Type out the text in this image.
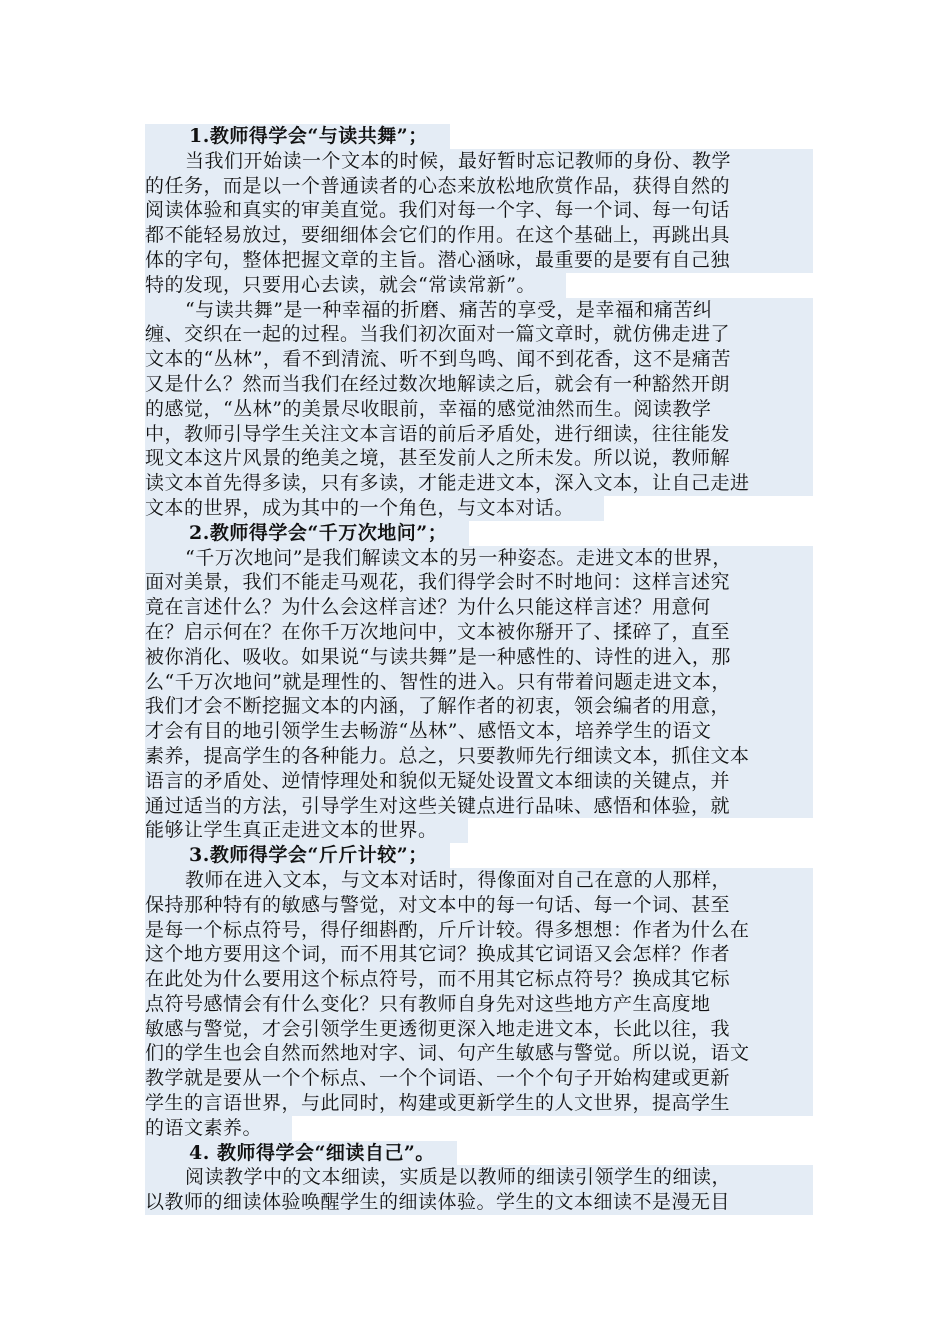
1.教师得学会“与读共舞”；
当我们开始读一个文本的时候，最好暂时忘记教师的身份、教学
的任务，而是以一个普通读者的心态来放松地欣赏作品，获得自然的
阅读体验和真实的审美直觉。我们对每一个字、每一个词、每一句话
都不能轻易放过，要细细体会它们的作用。在这个基础上，再跳出具
体的字句，整体把握文章的主旨。潜心涵咏，最重要的是要有自己独
特的发现，只要用心去读，就会“常读常新”。
“与读共舞”是一种幸福的折磨、痛苦的享受，是幸福和痛苦纠
缠、交织在一起的过程。当我们初次面对一篇文章时，就仿佛走进了
文本的“丛林”，看不到清流、听不到鸟鸣、闻不到花香，这不是痛苦
又是什么？然而当我们在经过数次地解读之后，就会有一种豁然开朗
的感觉，“丛林”的美景尽收眼前，幸福的感觉油然而生。阅读教学
中，教师引导学生关注文本言语的前后矛盾处，进行细读，往往能发
现文本这片风景的绝美之境，甚至发前人之所未发。所以说，教师解
读文本首先得多读，只有多读，才能走进文本，深入文本，让自己走进
文本的世界，成为其中的一个角色，与文本对话。
2.教师得学会“千万次地问”；
“千万次地问”是我们解读文本的另一种姿态。走进文本的世界，
面对美景，我们不能走马观花，我们得学会时不时地问：这样言述究
竟在言述什么？为什么会这样言述？为什么只能这样言述？用意何
在？启示何在？在你千万次地问中，文本被你掰开了、揉碎了，直至
被你消化、吸收。如果说“与读共舞”是一种感性的、诗性的进入，那
么“千万次地问”就是理性的、智性的进入。只有带着问题走进文本，
我们才会不断挖掘文本的内涵，了解作者的初衷，领会编者的用意，
才会有目的地引领学生去畅游“丛林”、感悟文本，培养学生的语文
素养，提高学生的各种能力。总之，只要教师先行细读文本，抓住文本
语言的矛盾处、逆情悖理处和貌似无疑处设置文本细读的关键点，并
通过适当的方法，引导学生对这些关键点进行品味、感悟和体验，就
能够让学生真正走进文本的世界。
3.教师得学会“斤斤计较”；
教师在进入文本，与文本对话时，得像面对自己在意的人那样，
保持那种特有的敏感与警觉，对文本中的每一句话、每一个词、甚至
是每一个标点符号，得仔细斟酌，斤斤计较。得多想想：作者为什么在
这个地方要用这个词，而不用其它词？换成其它词语又会怎样？作者
在此处为什么要用这个标点符号，而不用其它标点符号？换成其它标
点符号感情会有什么变化？只有教师自身先对这些地方产生高度地
敏感与警觉，才会引领学生更透彻更深入地走进文本，长此以往，我
们的学生也会自然而然地对字、词、句产生敏感与警觉。所以说，语文
教学就是要从一个个标点、一个个词语、一个个句子开始构建或更新
学生的言语世界，与此同时，构建或更新学生的人文世界，提高学生
的语文素养。
4. 教师得学会“细读自己”。
阅读教学中的文本细读，实质是以教师的细读引领学生的细读，
以教师的细读体验唤醒学生的细读体验。学生的文本细读不是漫无目
